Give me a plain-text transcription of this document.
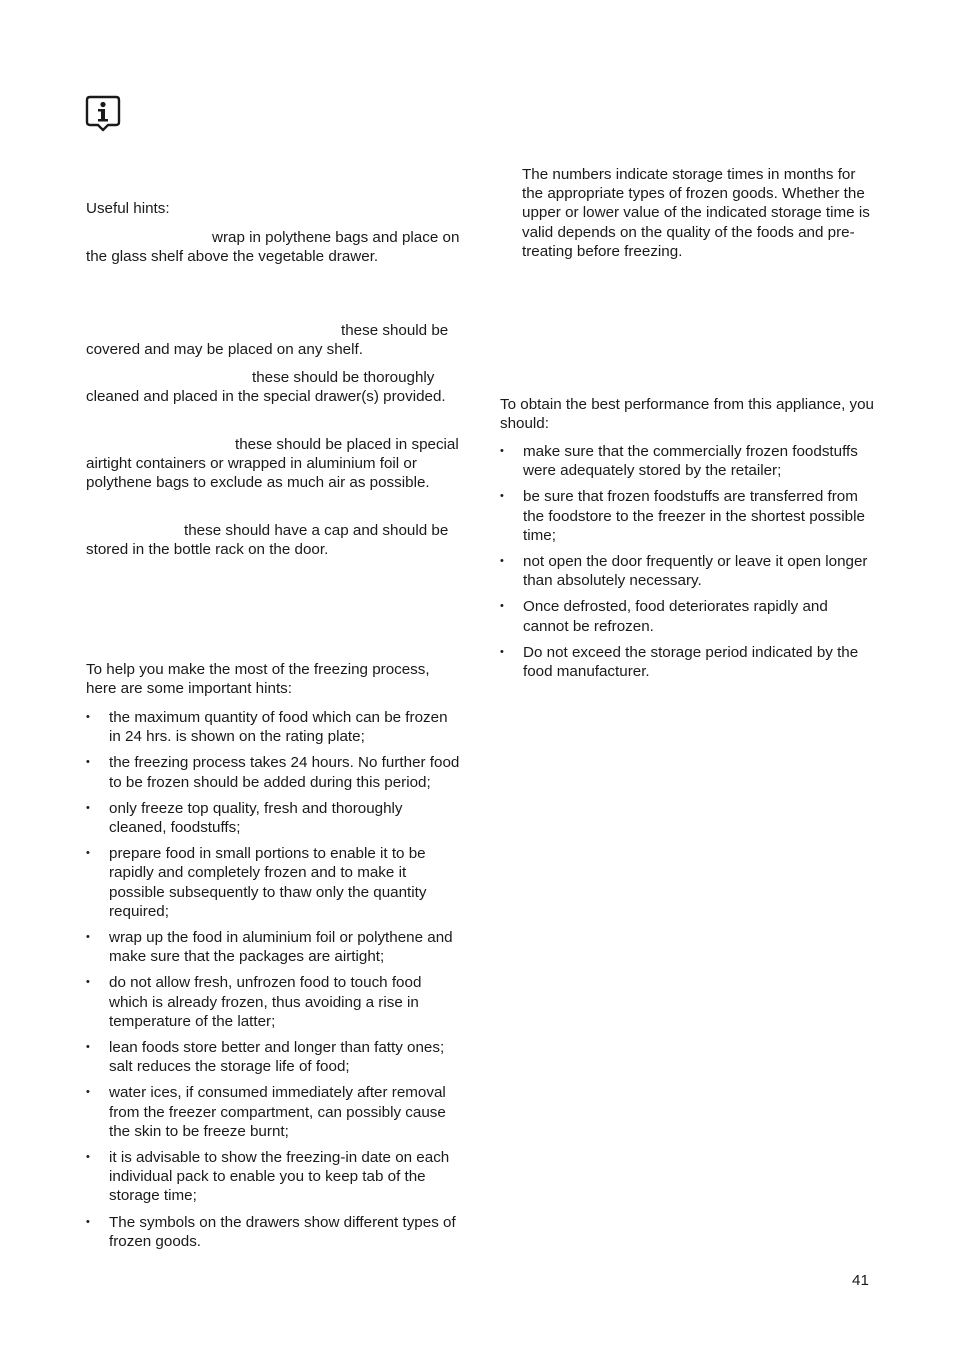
Useful hints:

wrap in polythene bags and place on the glass shelf above the vegetable drawer.

these should be covered and may be placed on any shelf.

these should be thoroughly cleaned and placed in the special drawer(s) provided.

these should be placed in special airtight containers or wrapped in aluminium foil or polythene bags to exclude as much air as possible.

these should have a cap and should be stored in the bottle rack on the door.

To help you make the most of the freezing process, here are some important hints:

•	the maximum quantity of food which can be frozen in 24 hrs. is shown on the rating plate;
•	the freezing process takes 24 hours. No further food to be frozen should be added during this period;
•	only freeze top quality, fresh and thoroughly cleaned, foodstuffs;
•	prepare food in small portions to enable it to be rapidly and completely frozen and to make it possible subsequently to thaw only the quantity required;
•	wrap up the food in aluminium foil or polythene and make sure that the packages are airtight;
•	do not allow fresh, unfrozen food to touch food which is already frozen, thus avoiding a rise in temperature of the latter;
•	lean foods store better and longer than fatty ones; salt reduces the storage life of food;
•	water ices, if consumed immediately after removal from the freezer compartment, can possibly cause the skin to be freeze burnt;
•	it is advisable to show the freezing-in date on each individual pack to enable you to keep tab of the storage time;
•	The symbols on the drawers show different types of frozen goods.

The numbers indicate storage times in months for the appropriate types of frozen goods. Whether the upper or lower value of the indicated storage time is valid depends on the quality of the foods and pre-treating before freezing.

To obtain the best performance from this appliance, you should:

•	make sure that the commercially frozen foodstuffs were adequately stored by the retailer;
•	be sure that frozen foodstuffs are transferred from the foodstore to the freezer in the shortest possible time;
•	not open the door frequently or leave it open longer than absolutely necessary.
•	Once defrosted, food deteriorates rapidly and cannot be refrozen.
•	Do not exceed the storage period indicated by the food manufacturer.
41
